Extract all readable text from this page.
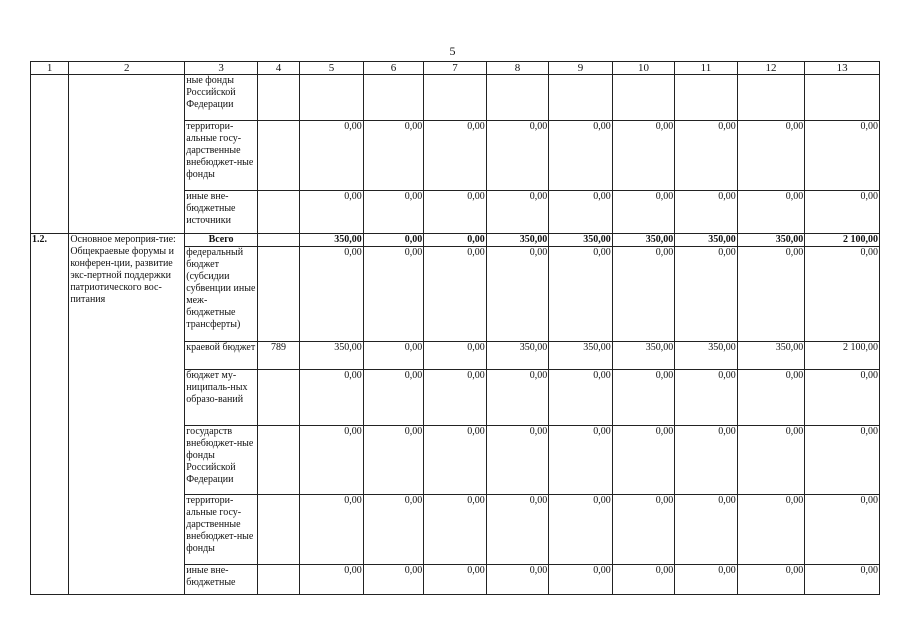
5
1	2	3	4	5	6	7	8	9	10	11	12	13
		ные фонды Российской Федерации										
		территори-альные госу-дарственные внебюджет-ные фонды		0,00	0,00	0,00	0,00	0,00	0,00	0,00	0,00	0,00
		иные вне-бюджетные источники		0,00	0,00	0,00	0,00	0,00	0,00	0,00	0,00	0,00
1.2.	Основное мероприя-тие: Общекраевые форумы и конферен-ции, развитие экс-пертной поддержки патриотического вос-питания	Всего		350,00	0,00	0,00	350,00	350,00	350,00	350,00	350,00	2 100,00
		федеральный бюджет (субсидии субвенции иные меж-бюджетные трансферты)		0,00	0,00	0,00	0,00	0,00	0,00	0,00	0,00	0,00
		краевой бюджет	789	350,00	0,00	0,00	350,00	350,00	350,00	350,00	350,00	2 100,00
		бюджет му-ниципаль-ных образо-ваний		0,00	0,00	0,00	0,00	0,00	0,00	0,00	0,00	0,00
		государств внебюджет-ные фонды Российской Федерации		0,00	0,00	0,00	0,00	0,00	0,00	0,00	0,00	0,00
		территори-альные госу-дарственные внебюджет-ные фонды		0,00	0,00	0,00	0,00	0,00	0,00	0,00	0,00	0,00
		иные вне-бюджетные		0,00	0,00	0,00	0,00	0,00	0,00	0,00	0,00	0,00
